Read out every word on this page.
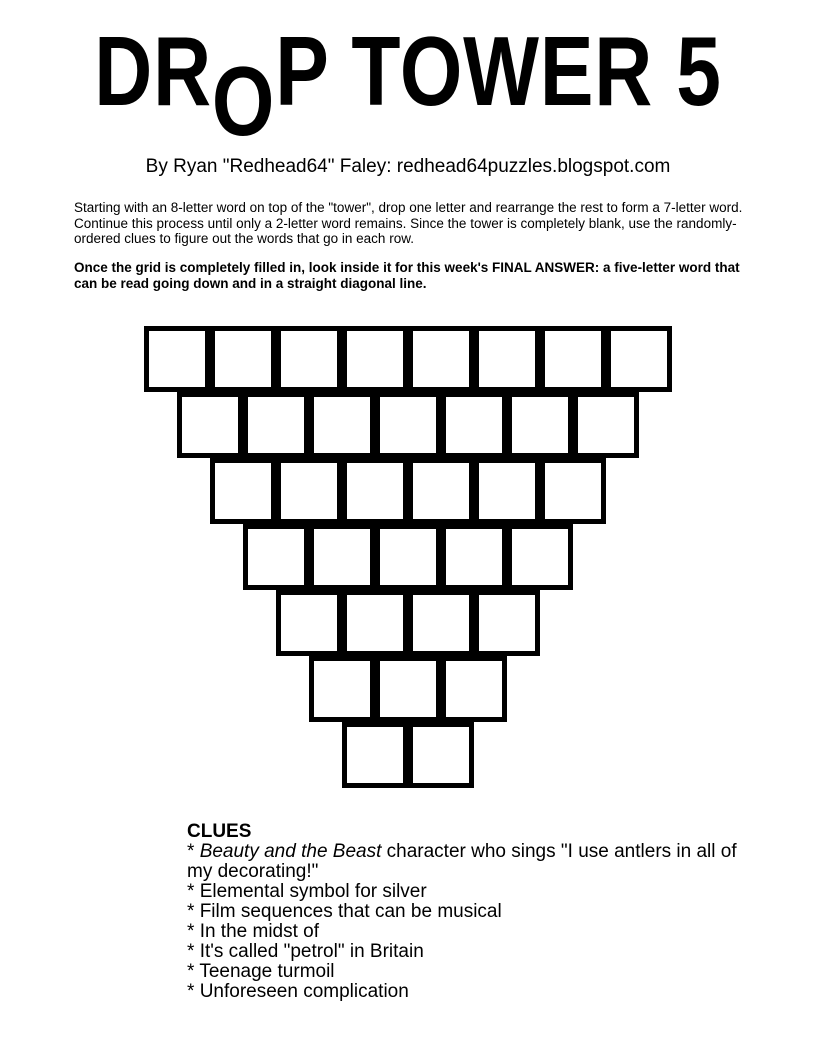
DROP TOWER 5
By Ryan "Redhead64" Faley: redhead64puzzles.blogspot.com
Starting with an 8-letter word on top of the "tower", drop one letter and rearrange the rest to form a 7-letter word. Continue this process until only a 2-letter word remains. Since the tower is completely blank, use the randomly-ordered clues to figure out the words that go in each row.
Once the grid is completely filled in, look inside it for this week's FINAL ANSWER: a five-letter word that can be read going down and in a straight diagonal line.
CLUES
* Beauty and the Beast character who sings "I use antlers in all of my decorating!"
* Elemental symbol for silver
* Film sequences that can be musical
* In the midst of
* It's called "petrol" in Britain
* Teenage turmoil
* Unforeseen complication
